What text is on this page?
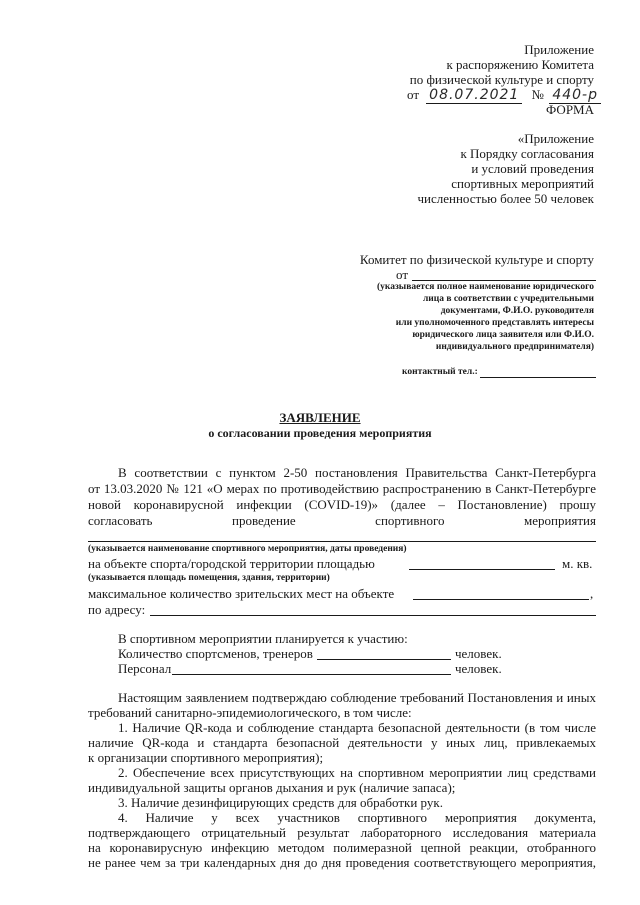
Приложение
к распоряжению Комитета
по физической культуре и спорту
от 08.07.2021 № 440-р
ФОРМА
«Приложение
к Порядку согласования
и условий проведения
спортивных мероприятий
численностью более 50 человек
Комитет по физической культуре и спорту
от
(указывается полное наименование юридического
лица в соответствии с учредительными
документами, Ф.И.О. руководителя
или уполномоченного представлять интересы
юридического лица заявителя или Ф.И.О.
индивидуального предпринимателя)
контактный тел.:
ЗАЯВЛЕНИЕ
о согласовании проведения мероприятия
В соответствии с пунктом 2-50 постановления Правительства Санкт-Петербурга
от 13.03.2020 № 121 «О мерах по противодействию распространению в Санкт-Петербурге
новой коронавирусной инфекции (COVID-19)» (далее – Постановление) прошу
согласовать	проведение	спортивного	мероприятия
(указывается наименование спортивного мероприятия, даты проведения)
на объекте спорта/городской территории площадью	м. кв.
(указывается площадь помещения, здания, территории)
максимальное количество зрительских мест на объекте	,
по адресу:
В спортивном мероприятии планируется к участию:
Количество спортсменов, тренеров	человек.
Персонал	человек.
Настоящим заявлением подтверждаю соблюдение требований Постановления и иных
требований санитарно-эпидемиологического, в том числе:
1. Наличие QR-кода и соблюдение стандарта безопасной деятельности (в том числе
наличие QR-кода и стандарта безопасной деятельности у иных лиц, привлекаемых
к организации спортивного мероприятия);
2. Обеспечение всех присутствующих на спортивном мероприятии лиц средствами
индивидуальной защиты органов дыхания и рук (наличие запаса);
3. Наличие дезинфицирующих средств для обработки рук.
4. Наличие у всех участников спортивного мероприятия документа,
подтверждающего отрицательный результат лабораторного исследования материала
на коронавирусную инфекцию методом полимеразной цепной реакции, отобранного
не ранее чем за три календарных дня до дня проведения соответствующего мероприятия,
